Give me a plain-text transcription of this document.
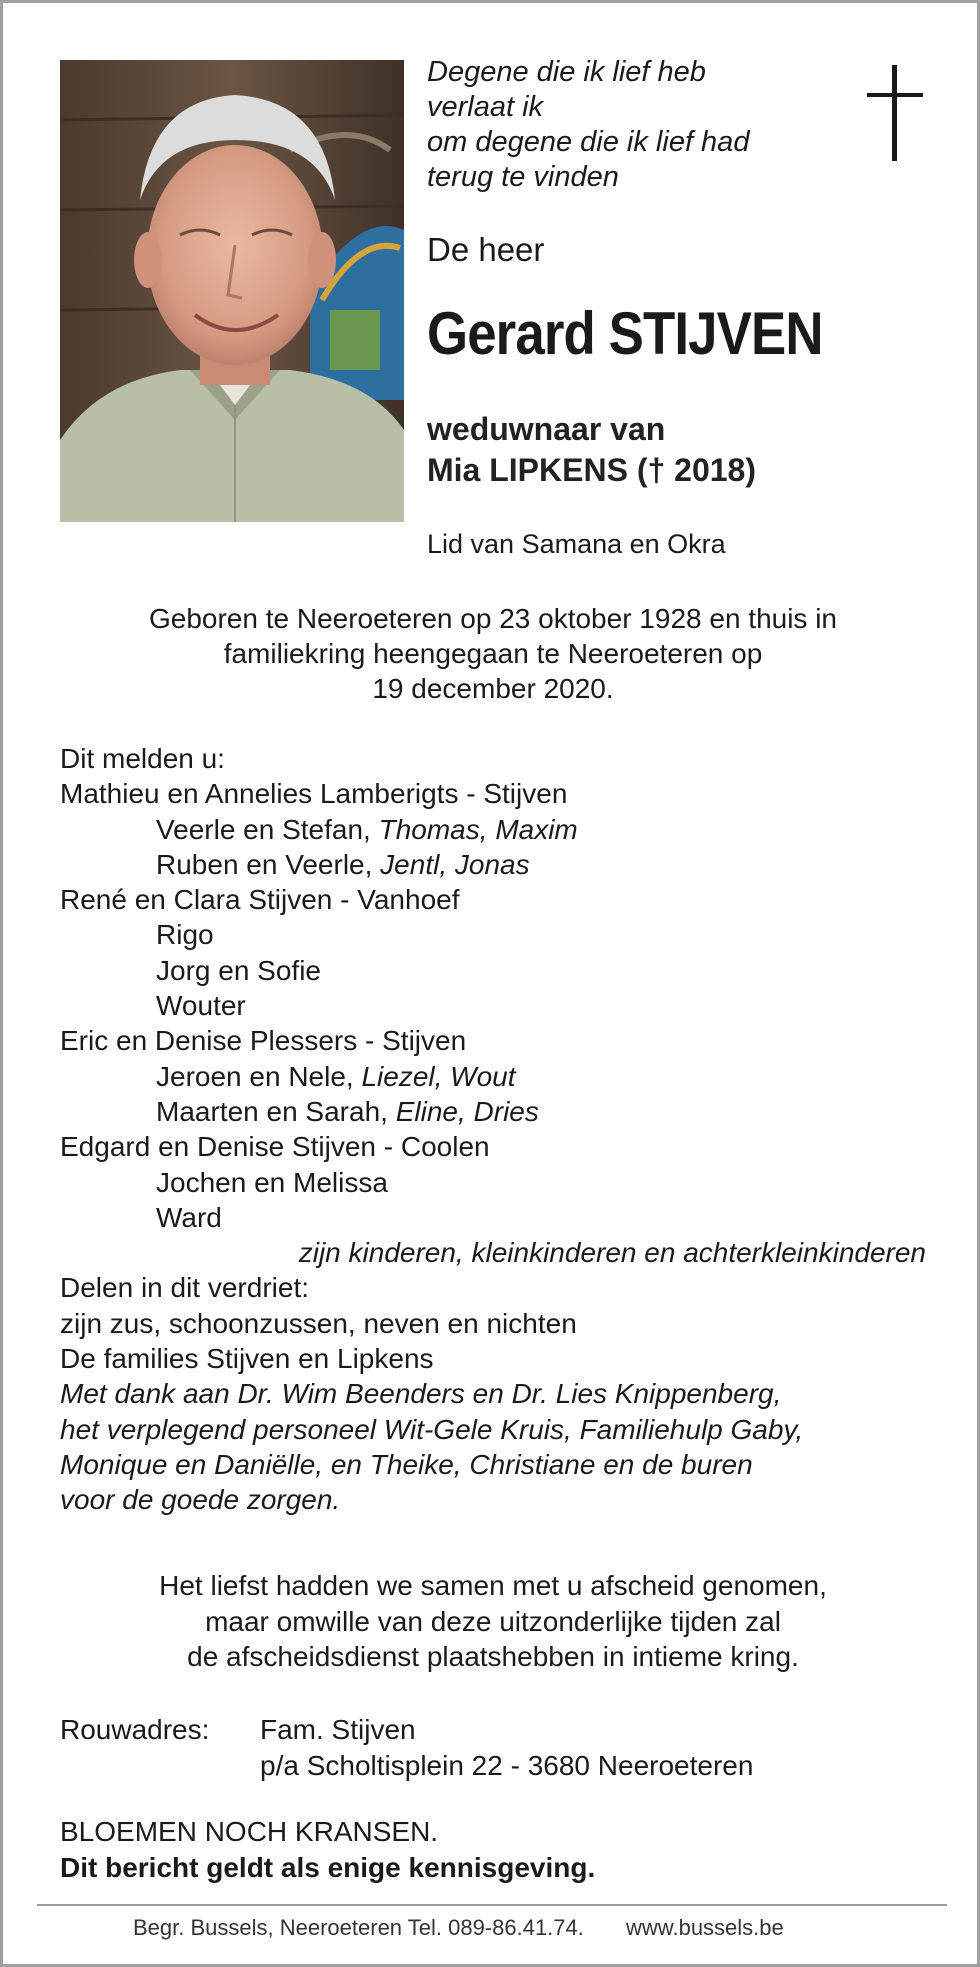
Degene die ik lief heb
verlaat ik
om degene die ik lief had
terug te vinden

De heer

Gerard STIJVEN

weduwnaar van
Mia LIPKENS († 2018)

Lid van Samana en Okra

Geboren te Neeroeteren op 23 oktober 1928 en thuis in
familiekring heengegaan te Neeroeteren op
19 december 2020.

Dit melden u:
Mathieu en Annelies Lamberigts - Stijven
Veerle en Stefan, Thomas, Maxim
Ruben en Veerle, Jentl, Jonas
René en Clara Stijven - Vanhoef
Rigo
Jorg en Sofie
Wouter
Eric en Denise Plessers - Stijven
Jeroen en Nele, Liezel, Wout
Maarten en Sarah, Eline, Dries
Edgard en Denise Stijven - Coolen
Jochen en Melissa
Ward
zijn kinderen, kleinkinderen en achterkleinkinderen
Delen in dit verdriet:
zijn zus, schoonzussen, neven en nichten
De families Stijven en Lipkens
Met dank aan Dr. Wim Beenders en Dr. Lies Knippenberg,
het verplegend personeel Wit-Gele Kruis, Familiehulp Gaby,
Monique en Daniëlle, en Theike, Christiane en de buren
voor de goede zorgen.

Het liefst hadden we samen met u afscheid genomen,
maar omwille van deze uitzonderlijke tijden zal
de afscheidsdienst plaatshebben in intieme kring.

Rouwadres: Fam. Stijven
p/a Scholtisplein 22 - 3680 Neeroeteren

BLOEMEN NOCH KRANSEN.

Dit bericht geldt als enige kennisgeving.

Begr. Bussels, Neeroeteren Tel. 089-86.41.74. www.bussels.be
